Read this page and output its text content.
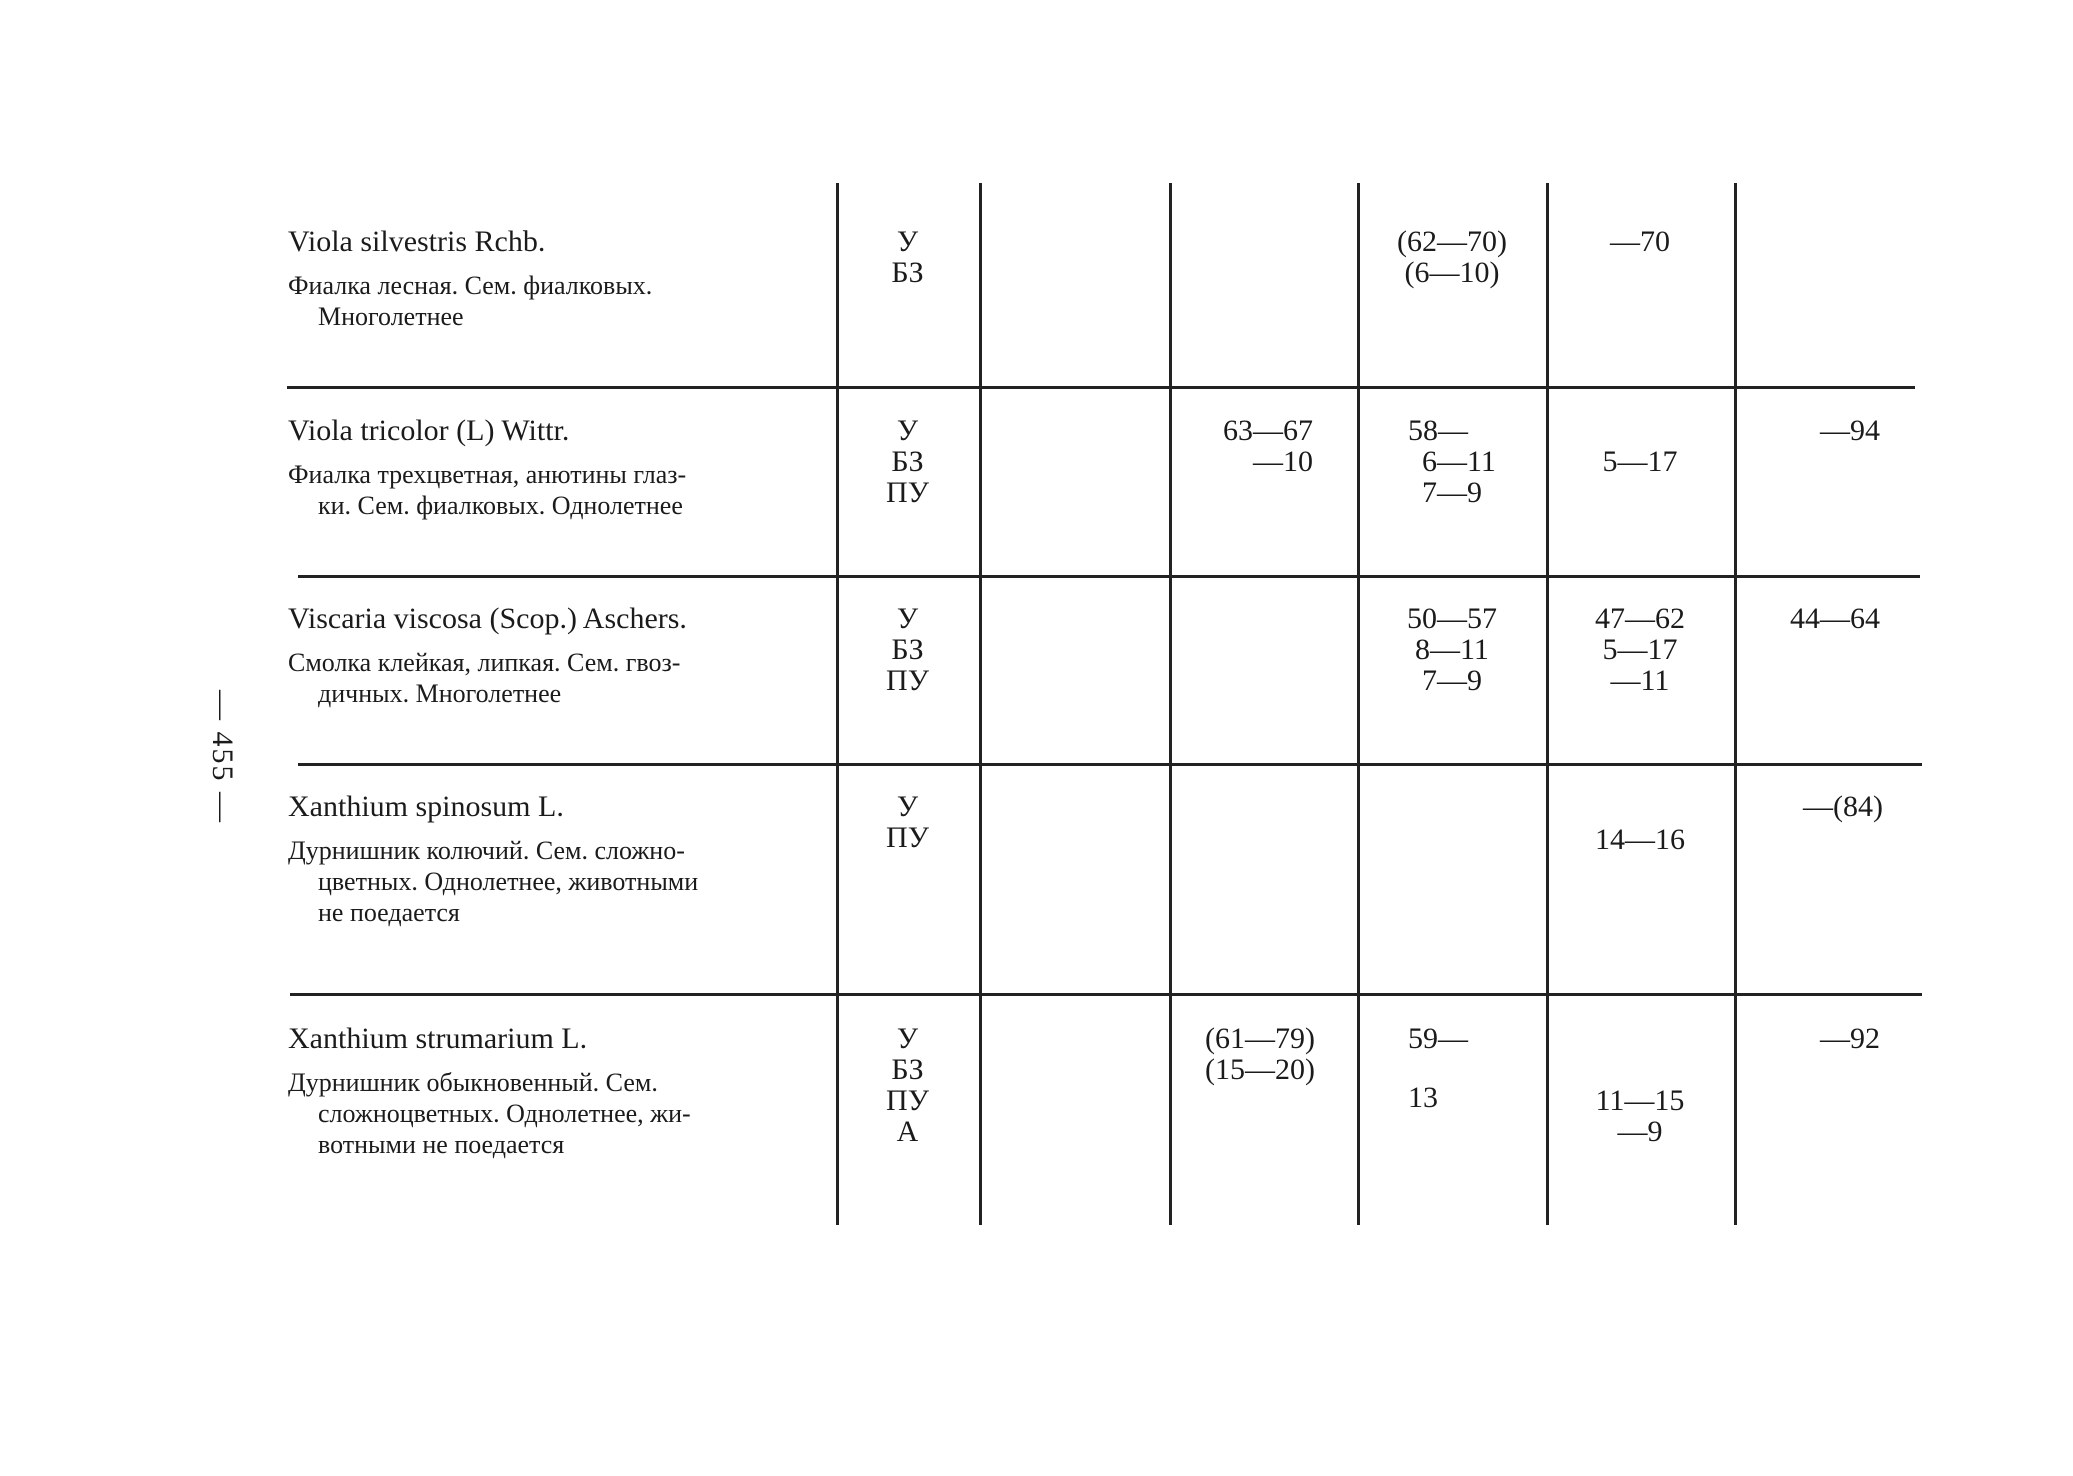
— 455 —
Viola silvestris Rchb.
Фиалка лесная. Сем. фиалковых.
Многолетнее
У
БЗ
(62—70)
(6—10)
—70
Viola tricolor (L) Wittr.
Фиалка трехцветная, анютины глаз-
ки. Сем. фиалковых. Однолетнее
У
БЗ
ПУ
63—67
—10
58—
6—11
7—9
5—17
—94
Viscaria viscosa (Scop.) Aschers.
Смолка клейкая, липкая. Сем. гвоз-
дичных. Многолетнее
У
БЗ
ПУ
50—57
8—11
7—9
47—62
5—17
—11
44—64
Xanthium spinosum L.
Дурнишник колючий. Сем. сложно-
цветных. Однолетнее, животными
не поедается
У
ПУ	14—16
—(84)
Xanthium strumarium L.
Дурнишник обыкновенный. Сем.
сложноцветных. Однолетнее, жи-
вотными не поедается
У
БЗ
ПУ
А
(61—79)
(15—20)
59—
13	11—15
—9
—92
